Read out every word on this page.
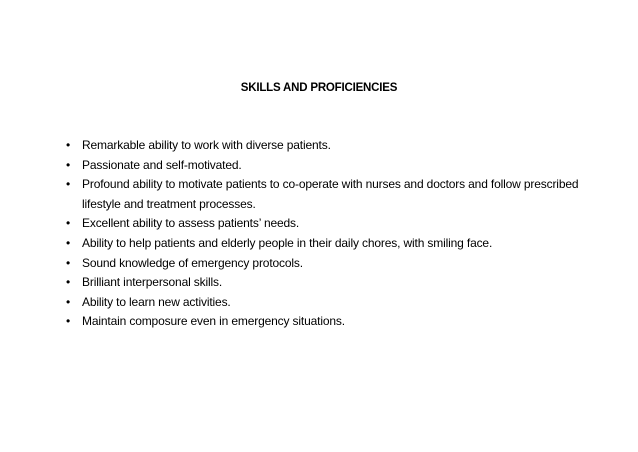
SKILLS AND PROFICIENCIES
• Remarkable ability to work with diverse patients.
• Passionate and self-motivated.
• Profound ability to motivate patients to co-operate with nurses and doctors and follow prescribed lifestyle and treatment processes.
• Excellent ability to assess patients’ needs.
• Ability to help patients and elderly people in their daily chores, with smiling face.
• Sound knowledge of emergency protocols.
• Brilliant interpersonal skills.
• Ability to learn new activities.
• Maintain composure even in emergency situations.
